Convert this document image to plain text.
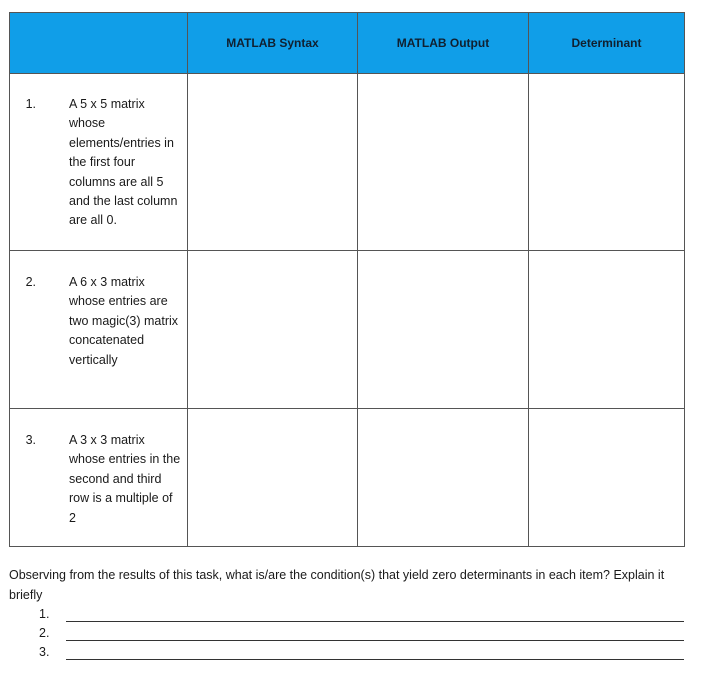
	MATLAB Syntax	MATLAB Output	Determinant

1. A 5 x 5 matrix whose elements/entries in the first four columns are all 5 and the last column are all 0.			

2. A 6 x 3 matrix whose entries are two magic(3) matrix concatenated vertically			

3. A 3 x 3 matrix whose entries in the second and third row is a multiple of 2			

Observing from the results of this task, what is/are the condition(s) that yield zero determinants in each item? Explain it briefly
1.
2.
3.
